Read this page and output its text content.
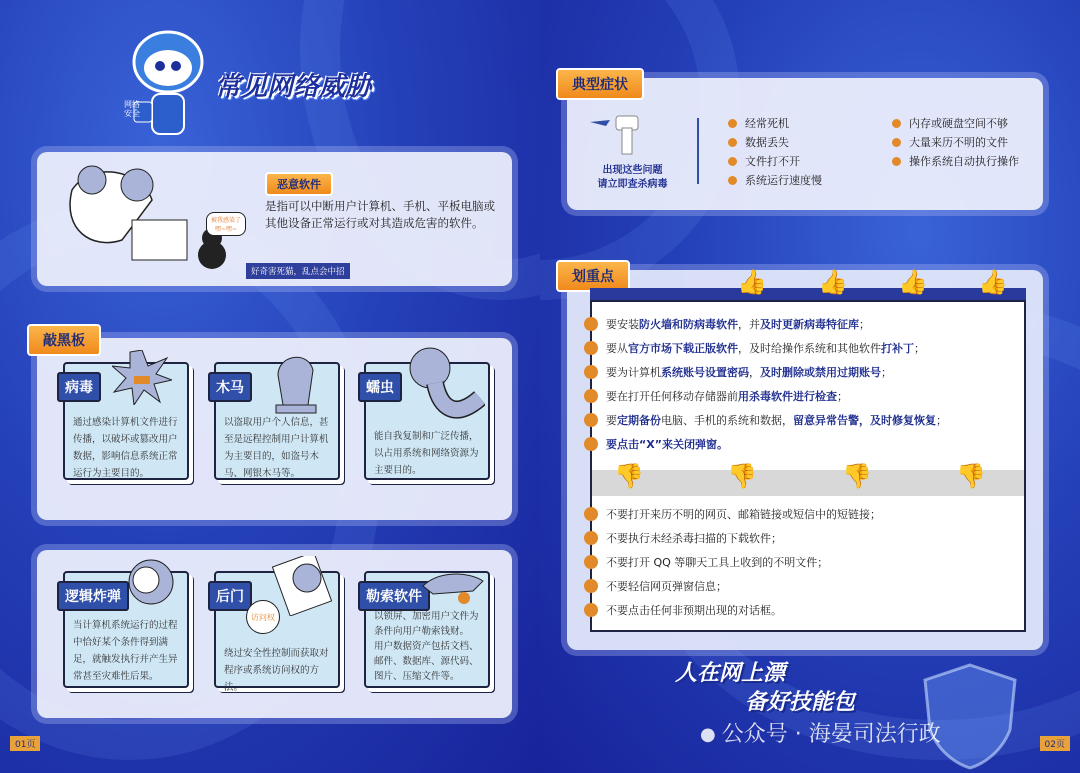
网络安全
常见网络威胁
被我感染了 嘿~嘿~
好奇害死猫，乱点会中招
恶意软件
是指可以中断用户计算机、手机、平板电脑或其他设备正常运行或对其造成危害的软件。
敲黑板
病毒

通过感染计算机文件进行传播，以破坏或篡改用户数据，影响信息系统正常运行为主要目的。

木马

以盗取用户个人信息，甚至是远程控制用户计算机为主要目的，如盗号木马、网银木马等。

蠕虫

能自我复制和广泛传播，以占用系统和网络资源为主要目的。

逻辑炸弹

当计算机系统运行的过程中恰好某个条件得到满足，就触发执行并产生异常甚至灾难性后果。

后门

绕过安全性控制而获取对程序或系统访问权的方法。

勒索软件

以锁屏、加密用户文件为条件向用户勒索钱财。
用户数据资产包括文档、邮件、数据库、源代码、图片、压缩文件等。

访问权
01页
典型症状
出现这些问题
请立即查杀病毒
经常死机
数据丢失
文件打不开
系统运行速度慢
内存或硬盘空间不够
大量来历不明的文件
操作系统自动执行操作
划重点	👍 👍 👍 👍
要安装 防火墙和防病毒软件 ，并 及时更新病毒特征库 ；
要从 官方市场下载正版软件 ，及时给操作系统和其他软件 打补丁 ；
要为计算机 系统账号设置密码 ， 及时删除或禁用过期账号 ；
要在打开任何移动存储器前 用杀毒软件进行检查 ；
要 定期备份 电脑、手机的系统和数据， 留意异常告警，及时修复恢复 ；
要点击“X”来关闭弹窗。
👎	👎	👎	👎
不要打开来历不明的网页、邮箱链接或短信中的短链接；
不要执行未经杀毒扫描的下载软件；
不要打开 QQ 等聊天工具上收到的不明文件；
不要轻信网页弹窗信息；
不要点击任何非预期出现的对话框。
人在网上漂
备好技能包
● 公众号 · 海晏司法行政	02页
